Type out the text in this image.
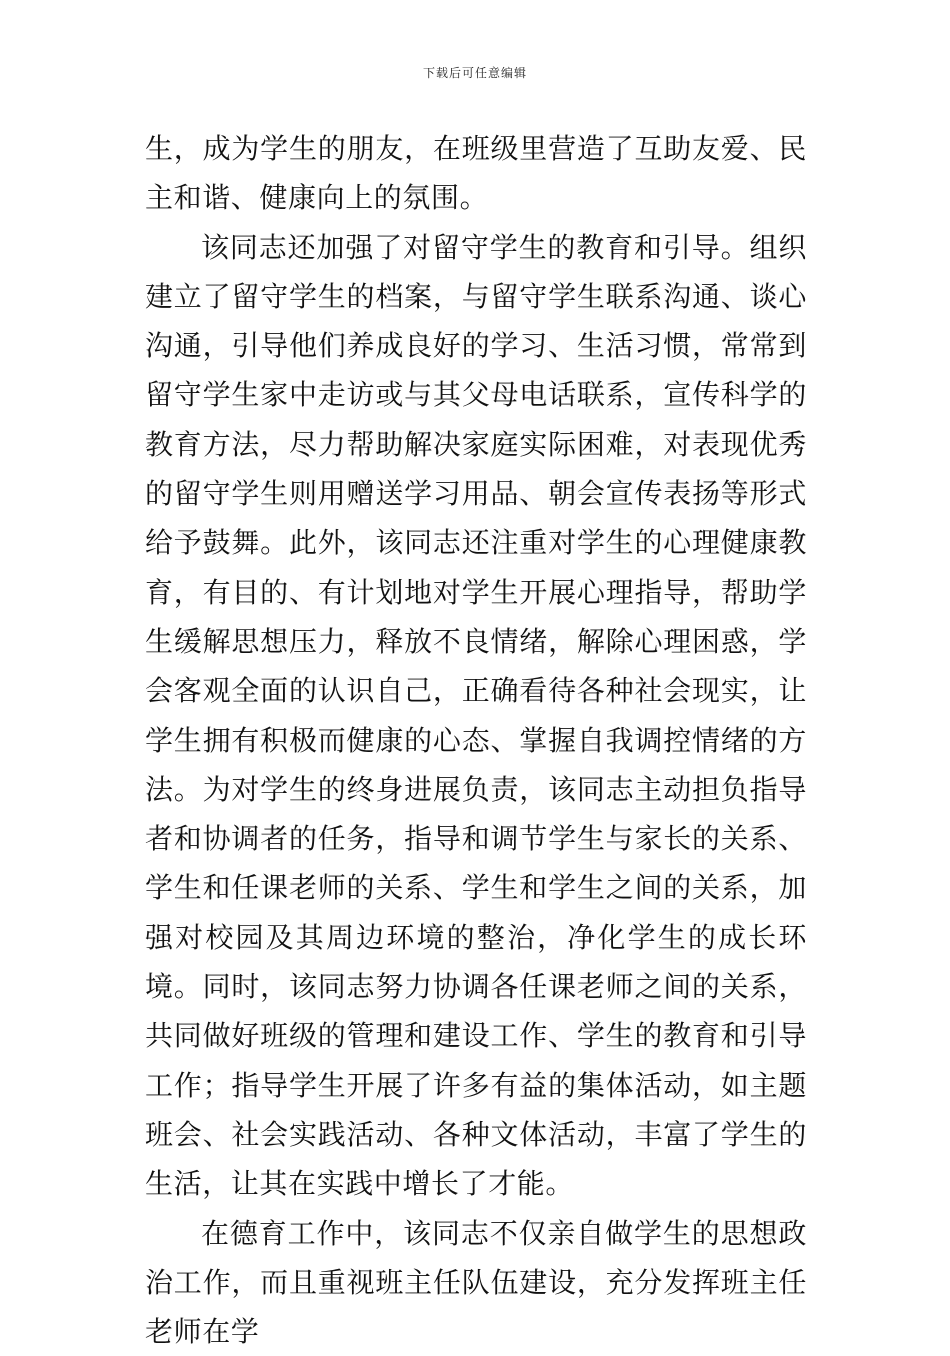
下载后可任意编辑

生，成为学生的朋友，在班级里营造了互助友爱、民主和谐、健康向上的氛围。

该同志还加强了对留守学生的教育和引导。组织建立了留守学生的档案，与留守学生联系沟通、谈心沟通，引导他们养成良好的学习、生活习惯，常常到留守学生家中走访或与其父母电话联系，宣传科学的教育方法，尽力帮助解决家庭实际困难，对表现优秀的留守学生则用赠送学习用品、朝会宣传表扬等形式给予鼓舞。此外，该同志还注重对学生的心理健康教育，有目的、有计划地对学生开展心理指导，帮助学生缓解思想压力，释放不良情绪，解除心理困惑，学会客观全面的认识自己，正确看待各种社会现实，让学生拥有积极而健康的心态、掌握自我调控情绪的方法。为对学生的终身进展负责，该同志主动担负指导者和协调者的任务，指导和调节学生与家长的关系、学生和任课老师的关系、学生和学生之间的关系，加强对校园及其周边环境的整治，净化学生的成长环境。同时，该同志努力协调各任课老师之间的关系，共同做好班级的管理和建设工作、学生的教育和引导工作；指导学生开展了许多有益的集体活动，如主题班会、社会实践活动、各种文体活动，丰富了学生的生活，让其在实践中增长了才能。

在德育工作中，该同志不仅亲自做学生的思想政治工作，而且重视班主任队伍建设，充分发挥班主任老师在学
